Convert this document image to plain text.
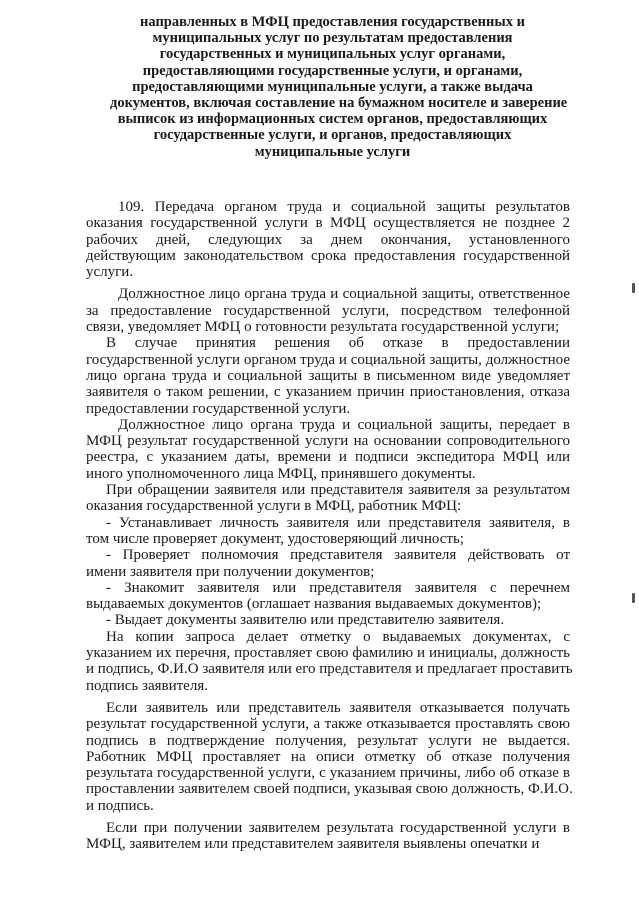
направленных в МФЦ предоставления государственных и
муниципальных услуг по результатам предоставления
государственных и муниципальных услуг органами,
предоставляющими государственные услуги, и органами,
предоставляющими муниципальные услуги, а также выдача
документов, включая составление на бумажном носителе и заверение
выписок из информационных систем органов, предоставляющих
государственные услуги, и органов, предоставляющих
муниципальные услуги
109. Передача органом труда и социальной защиты результатов
оказания государственной услуги в МФЦ осуществляется не позднее 2
рабочих дней, следующих за днем окончания, установленного
действующим законодательством срока предоставления государственной
услуги.
Должностное лицо органа труда и социальной защиты, ответственное
за предоставление государственной услуги, посредством телефонной
связи, уведомляет МФЦ о готовности результата государственной услуги;
В случае принятия решения об отказе в предоставлении
государственной услуги органом труда и социальной защиты, должностное
лицо органа труда и социальной защиты в письменном виде уведомляет
заявителя о таком решении, с указанием причин приостановления, отказа
предоставлении государственной услуги.
Должностное лицо органа труда и социальной защиты, передает в
МФЦ результат государственной услуги на основании сопроводительного
реестра, с указанием даты, времени и подписи экспедитора МФЦ или
иного уполномоченного лица МФЦ, принявшего документы.
При обращении заявителя или представителя заявителя за результатом
оказания государственной услуги в МФЦ, работник МФЦ:
- Устанавливает личность заявителя или представителя заявителя, в
том числе проверяет документ, удостоверяющий личность;
- Проверяет полномочия представителя заявителя действовать от
имени заявителя при получении документов;
- Знакомит заявителя или представителя заявителя с перечнем
выдаваемых документов (оглашает названия выдаваемых документов);
- Выдает документы заявителю или представителю заявителя.
На копии запроса делает отметку о выдаваемых документах, с
указанием их перечня, проставляет свою фамилию и инициалы, должность
и подпись, Ф.И.О заявителя или его представителя и предлагает проставить
подпись заявителя.
Если заявитель или представитель заявителя отказывается получать
результат государственной услуги, а также отказывается проставлять свою
подпись в подтверждение получения, результат услуги не выдается.
Работник МФЦ проставляет на описи отметку об отказе получения
результата государственной услуги, с указанием причины, либо об отказе в
проставлении заявителем своей подписи, указывая свою должность, Ф.И.О.
и подпись.
Если при получении заявителем результата государственной услуги в
МФЦ, заявителем или представителем заявителя выявлены опечатки и
